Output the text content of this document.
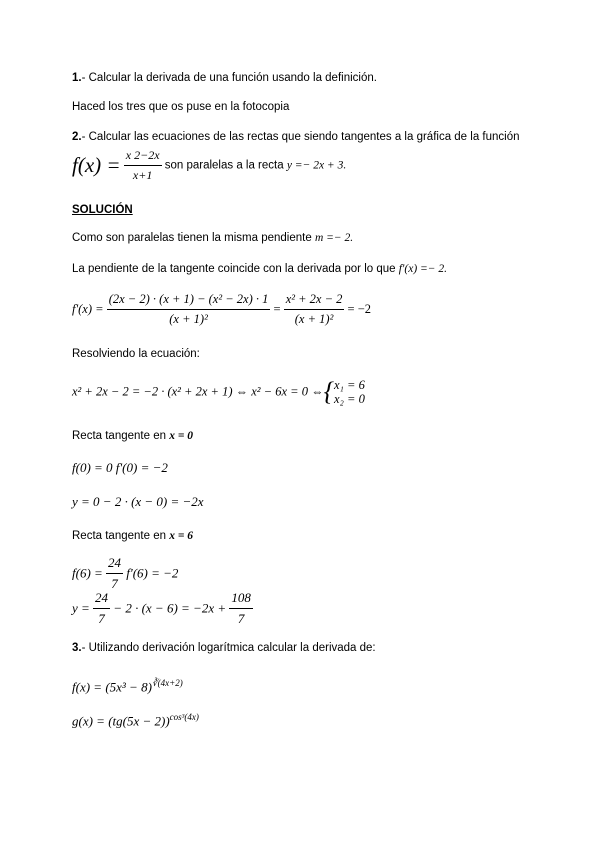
1.- Calcular la derivada de una función usando la definición.
Haced los tres que os puse en la fotocopia
2.- Calcular las ecuaciones de las rectas que siendo tangentes a la gráfica de la función
$f(x) = \frac{x 2-2x}{x+1}$ son paralelas a la recta y =− 2x + 3.
SOLUCIÓN
Como son paralelas tienen la misma pendiente m =− 2.
La pendiente de la tangente coincide con la derivada por lo que f'(x) =− 2.
$f'(x) = \frac{\text{(2x − 2) · (x + 1) − (x² − 2x) · 1}}{\text{(x + 1)²}} = \frac{\text{x² + 2x − 2}}{\text{(x + 1)²}} = -2$
Resolviendo la ecuación:
x² + 2x − 2 = −2 · (x² + 2x + 1) ⇔ x² − 6x = 0 ⇔{ x₁ = 6
x₂ = 0
Recta tangente en x = 0
f(0) = 0 f'(0) = −2
y = 0 − 2 · (x − 0) = −2x
Recta tangente en x = 6
$f(6) = \frac{24}{7} f'(6) = -2$
$y = \frac{24}{7} - 2 \cdot (x - 6) = -2x + \frac{108}{7}$
3.- Utilizando derivación logarítmica calcular la derivada de:
$f(x) = (5x^3 - 8)^{∛(4x+2)}$
$g(x) = (tg(5x - 2))^{cos^3(4x)}$
